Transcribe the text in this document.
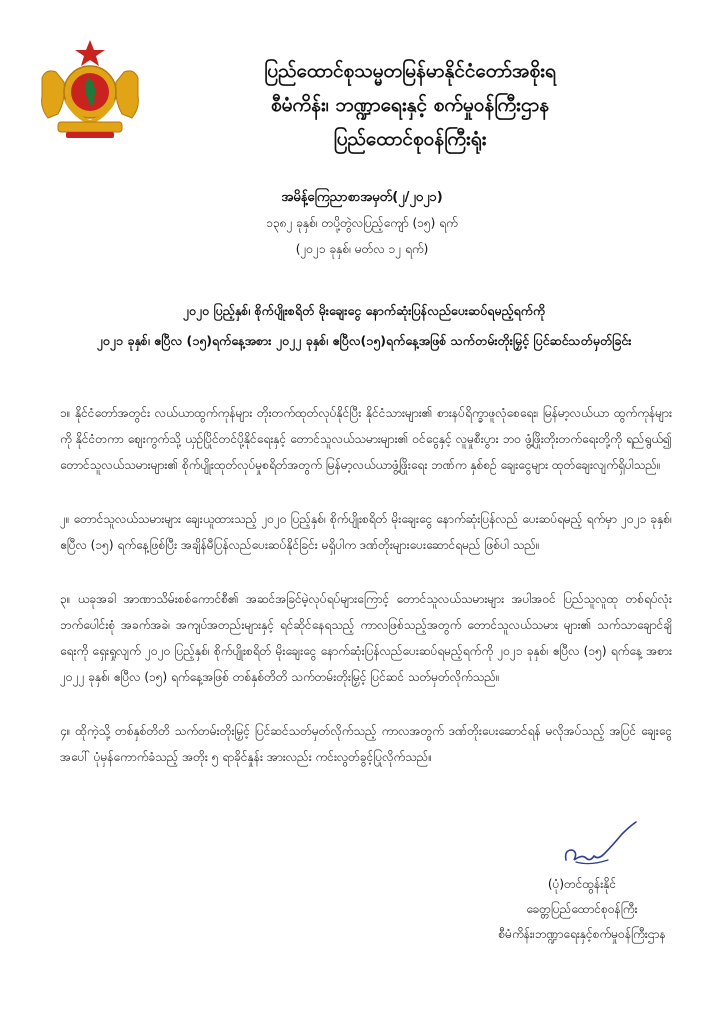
ပြည်ထောင်စုသမ္မတမြန်မာနိုင်ငံတော်အစိုးရ
စီမံကိန်း၊ ဘဏ္ဍာရေးနှင့် စက်မှုဝန်ကြီးဌာန
ပြည်ထောင်စုဝန်ကြီးရုံး
အမိန့်ကြေညာစာအမှတ်(၂/၂၀၂၁)
၁၃၈၂ ခုနှစ်၊ တပို့တွဲလပြည့်ကျော် (၁၅) ရက်
(၂၀၂၁ ခုနှစ်၊ မတ်လ ၁၂ ရက်)
၂၀၂၀ ပြည့်နှစ်၊ စိုက်ပျိုးစရိတ် မိုးချေးငွေ နောက်ဆုံးပြန်လည်ပေးဆပ်ရမည့်ရက်ကို
၂၀၂၁ ခုနှစ်၊ ဧပြီလ (၁၅)ရက်နေ့အစား ၂၀၂၂ ခုနှစ်၊ ဧပြီလ(၁၅)ရက်နေ့အဖြစ် သက်တမ်းတိုးမြှင့် ပြင်ဆင်သတ်မှတ်ခြင်း

၁။ နိုင်ငံတော်အတွင်း လယ်ယာထွက်ကုန်များ တိုးတက်ထုတ်လုပ်နိုင်ပြီး နိုင်ငံသားများ၏ စားနပ်ရိက္ခာဖူလုံစေရေး၊ မြန်မာ့လယ်ယာ ထွက်ကုန်များကို နိုင်ငံတကာ ဈေးကွက်သို့ ယှဉ်ပြိုင်တင်ပို့နိုင်ရေးနှင့် တောင်သူလယ်သမားများ၏ ဝင်ငွေနှင့် လူမှုစီးပွား ဘဝ ဖွံ့ဖြိုးတိုးတက်ရေးတို့ကို ရည်ရွယ်၍ တောင်သူလယ်သမားများ၏ စိုက်ပျိုးထုတ်လုပ်မှုစရိတ်အတွက် မြန်မာ့လယ်ယာဖွံ့ဖြိုးရေး ဘဏ်က နှစ်စဉ် ချေးငွေများ ထုတ်ချေးလျက်ရှိပါသည်။

၂။ တောင်သူလယ်သမားများ ချေးယူထားသည့် ၂၀၂၀ ပြည့်နှစ်၊ စိုက်ပျိုးစရိတ် မိုးချေးငွေ နောက်ဆုံးပြန်လည် ပေးဆပ်ရမည့် ရက်မှာ ၂၀၂၁ ခုနှစ်၊ ဧပြီလ (၁၅) ရက်နေ့ဖြစ်ပြီး အချိန်မီပြန်လည်ပေးဆပ်နိုင်ခြင်း မရှိပါက ဒဏ်တိုးများပေးဆောင်ရမည် ဖြစ်ပါ သည်။

၃။ ယခုအခါ အာဏာသိမ်းစစ်ကောင်စီ၏ အဆင်အခြင်မဲ့လုပ်ရပ်များကြောင့် တောင်သူလယ်သမားများ အပါအဝင် ပြည်သူလူထု တစ်ရပ်လုံး ဘက်ပေါင်းစုံ အခက်အခဲ၊ အကျပ်အတည်းများနှင့် ရင်ဆိုင်နေရသည့် ကာလဖြစ်သည့်အတွက် တောင်သူလယ်သမား များ၏ သက်သာချောင်ချိရေးကို ရှေးရှုလျက် ၂၀၂၀ ပြည့်နှစ်၊ စိုက်ပျိုးစရိတ် မိုးချေးငွေ နောက်ဆုံးပြန်လည်ပေးဆပ်ရမည့်ရက်ကို ၂၀၂၁ ခုနှစ်၊ ဧပြီလ (၁၅) ရက်နေ့ အစား ၂၀၂၂ ခုနှစ်၊ ဧပြီလ (၁၅) ရက်နေ့အဖြစ် တစ်နှစ်တိတိ သက်တမ်းတိုးမြှင့် ပြင်ဆင် သတ်မှတ်လိုက်သည်။

၄။ ထိုကဲ့သို့ တစ်နှစ်တိတိ သက်တမ်းတိုးမြှင့် ပြင်ဆင်သတ်မှတ်လိုက်သည့် ကာလအတွက် ဒဏ်တိုးပေးဆောင်ရန် မလိုအပ်သည့် အပြင် ချေးငွေအပေါ် ပုံမှန်ကောက်ခံသည့် အတိုး ၅ ရာခိုင်နှုန်း အားလည်း ကင်းလွတ်ခွင့်ပြုလိုက်သည်။

(ပုံ)တင်ထွန်းနိုင်
ခေတ္တပြည်ထောင်စုဝန်ကြီး
စီမံကိန်း၊ဘဏ္ဍာရေးနှင့်စက်မှုဝန်ကြီးဌာန
